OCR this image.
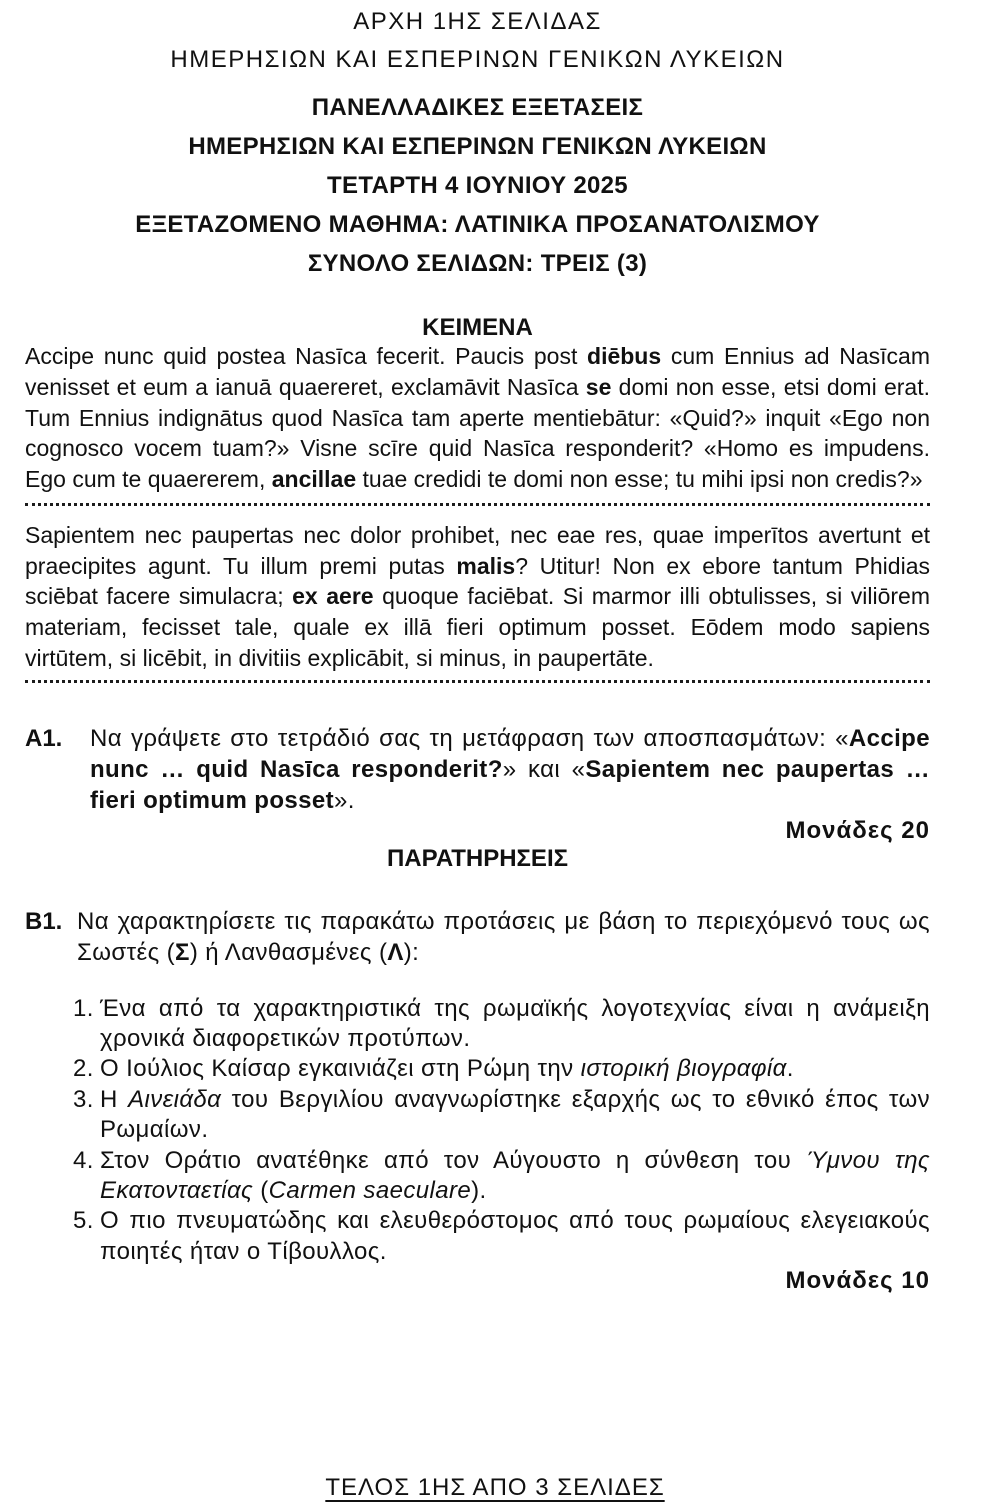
ΑΡΧΗ 1ΗΣ ΣΕΛΙΔΑΣ
ΗΜΕΡΗΣΙΩΝ ΚΑΙ ΕΣΠΕΡΙΝΩΝ ΓΕΝΙΚΩΝ ΛΥΚΕΙΩΝ
ΠΑΝΕΛΛΑΔΙΚΕΣ ΕΞΕΤΑΣΕΙΣ
ΗΜΕΡΗΣΙΩΝ ΚΑΙ ΕΣΠΕΡΙΝΩΝ ΓΕΝΙΚΩΝ ΛΥΚΕΙΩΝ
ΤΕΤΑΡΤΗ 4 ΙΟΥΝΙΟΥ 2025
ΕΞΕΤΑΖΟΜΕΝΟ ΜΑΘΗΜΑ: ΛΑΤΙΝΙΚΑ ΠΡΟΣΑΝΑΤΟΛΙΣΜΟΥ
ΣΥΝΟΛΟ ΣΕΛΙΔΩΝ: ΤΡΕΙΣ (3)
ΚΕΙΜΕΝΑ
Accipe nunc quid postea Nasīca fecerit. Paucis post diēbus cum Ennius ad Nasīcam venisset et eum a ianuā quaereret, exclamāvit Nasīca se domi non esse, etsi domi erat. Tum Ennius indignātus quod Nasīca tam aperte mentiebātur: «Quid?» inquit «Ego non cognosco vocem tuam?» Visne scīre quid Nasīca responderit? «Homo es impudens. Ego cum te quaererem, ancillae tuae credidi te domi non esse; tu mihi ipsi non credis?»
Sapientem nec paupertas nec dolor prohibet, nec eae res, quae imperītos avertunt et praecipites agunt. Tu illum premi putas malis? Utitur! Non ex ebore tantum Phidias sciēbat facere simulacra; ex aere quoque faciēbat. Si marmor illi obtulisses, si viliōrem materiam, fecisset tale, quale ex illā fieri optimum posset. Eōdem modo sapiens virtūtem, si licēbit, in divitiis explicābit, si minus, in paupertāte.
Α1.	Να γράψετε στο τετράδιό σας τη μετάφραση των αποσπασμάτων: «Accipe nunc … quid Nasīca responderit?» και «Sapientem nec paupertas … fieri optimum posset».
Μονάδες 20
ΠΑΡΑΤΗΡΗΣΕΙΣ
Β1. Να χαρακτηρίσετε τις παρακάτω προτάσεις με βάση το περιεχόμενό τους ως Σωστές (Σ) ή Λανθασμένες (Λ):
1. Ένα από τα χαρακτηριστικά της ρωμαϊκής λογοτεχνίας είναι η ανάμειξη χρονικά διαφορετικών προτύπων.
2. Ο Ιούλιος Καίσαρ εγκαινιάζει στη Ρώμη την ιστορική βιογραφία.
3. Η Αινειάδα του Βεργιλίου αναγνωρίστηκε εξαρχής ως το εθνικό έπος των Ρωμαίων.
4. Στον Οράτιο ανατέθηκε από τον Αύγουστο η σύνθεση του Ύμνου της Εκατονταετίας (Carmen saeculare).
5. Ο πιο πνευματώδης και ελευθερόστομος από τους ρωμαίους ελεγειακούς ποιητές ήταν ο Τίβουλλος.
Μονάδες 10
ΤΕΛΟΣ 1ΗΣ ΑΠΟ 3 ΣΕΛΙΔΕΣ
